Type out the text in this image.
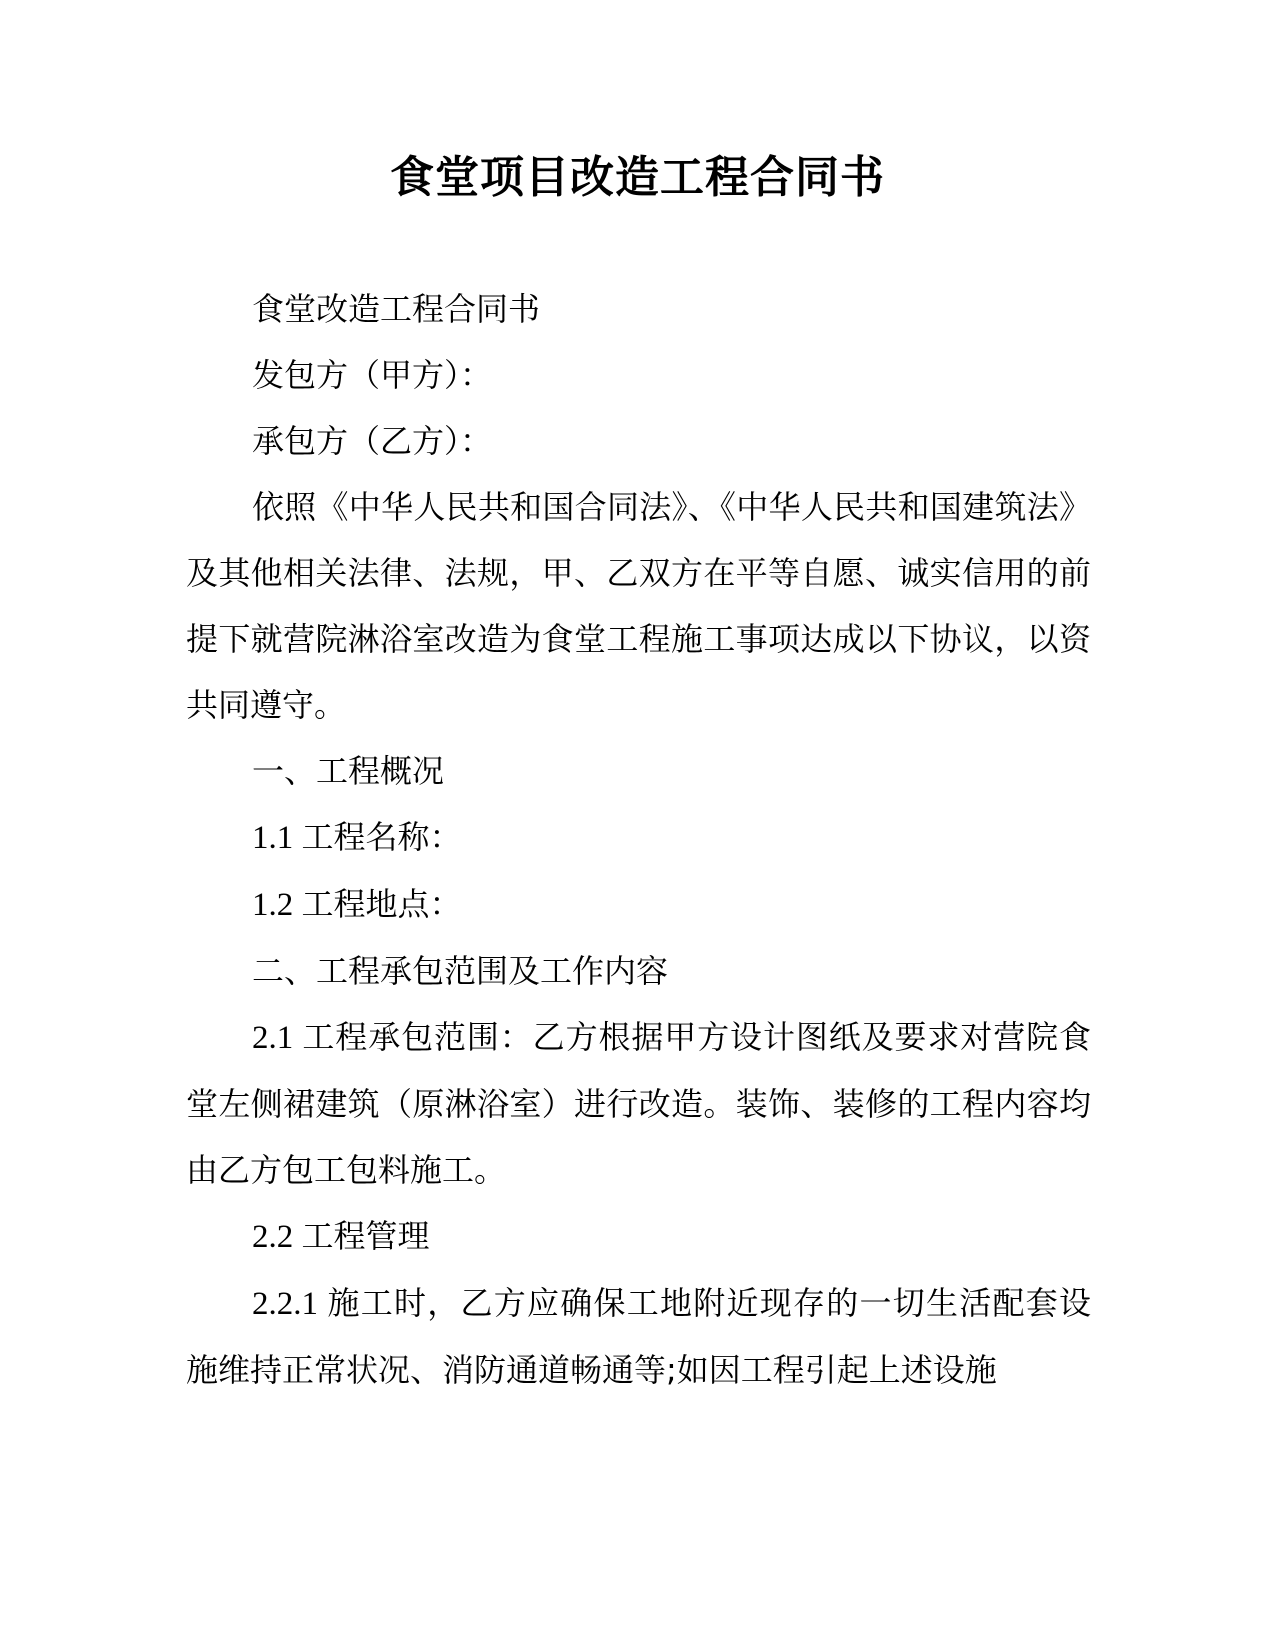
食堂项目改造工程合同书

食堂改造工程合同书

发包方（甲方）：

承包方（乙方）：

依照《中华人民共和国合同法》、《中华人民共和国建筑法》及其他相关法律、法规，甲、乙双方在平等自愿、诚实信用的前提下就营院淋浴室改造为食堂工程施工事项达成以下协议，以资共同遵守。

一、工程概况

1.1 工程名称：

1.2 工程地点：

二、工程承包范围及工作内容

2.1 工程承包范围：乙方根据甲方设计图纸及要求对营院食堂左侧裙建筑（原淋浴室）进行改造。装饰、装修的工程内容均由乙方包工包料施工。

2.2 工程管理

2.2.1 施工时，乙方应确保工地附近现存的一切生活配套设施维持正常状况、消防通道畅通等;如因工程引起上述设施
